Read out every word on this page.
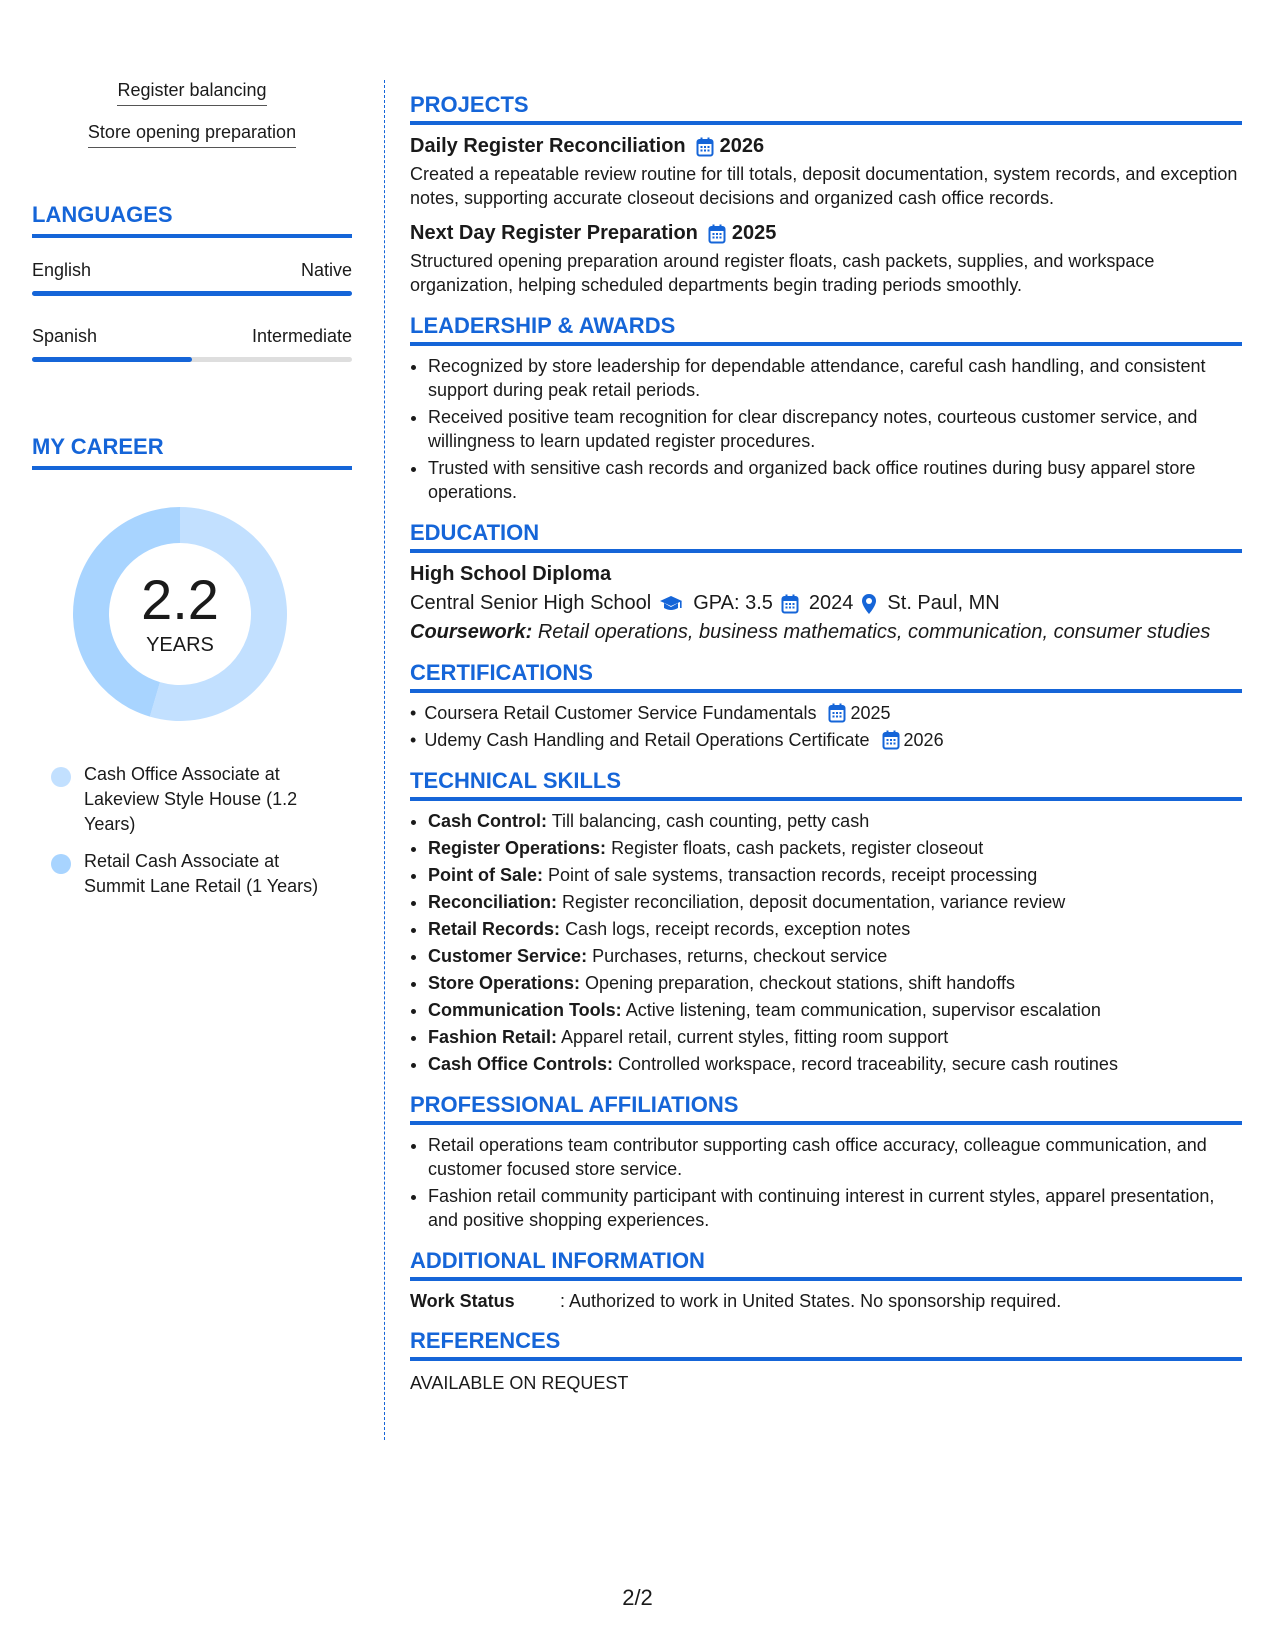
Register balancing
Store opening preparation
LANGUAGES
English	Native
Spanish	Intermediate
MY CAREER
2.2
YEARS
Cash Office Associate at Lakeview Style House (1.2 Years)
Retail Cash Associate at Summit Lane Retail (1 Years)
PROJECTS
Daily Register Reconciliation 2026
Created a repeatable review routine for till totals, deposit documentation, system records, and exception notes, supporting accurate closeout decisions and organized cash office records.
Next Day Register Preparation 2025
Structured opening preparation around register floats, cash packets, supplies, and workspace organization, helping scheduled departments begin trading periods smoothly.
LEADERSHIP & AWARDS
• Recognized by store leadership for dependable attendance, careful cash handling, and consistent support during peak retail periods.
• Received positive team recognition for clear discrepancy notes, courteous customer service, and willingness to learn updated register procedures.
• Trusted with sensitive cash records and organized back office routines during busy apparel store operations.
EDUCATION
High School Diploma
Central Senior High School GPA: 3.5 2024 St. Paul, MN
Coursework: Retail operations, business mathematics, communication, consumer studies
CERTIFICATIONS
• Coursera Retail Customer Service Fundamentals 2025
• Udemy Cash Handling and Retail Operations Certificate 2026
TECHNICAL SKILLS
• Cash Control: Till balancing, cash counting, petty cash
• Register Operations: Register floats, cash packets, register closeout
• Point of Sale: Point of sale systems, transaction records, receipt processing
• Reconciliation: Register reconciliation, deposit documentation, variance review
• Retail Records: Cash logs, receipt records, exception notes
• Customer Service: Purchases, returns, checkout service
• Store Operations: Opening preparation, checkout stations, shift handoffs
• Communication Tools: Active listening, team communication, supervisor escalation
• Fashion Retail: Apparel retail, current styles, fitting room support
• Cash Office Controls: Controlled workspace, record traceability, secure cash routines
PROFESSIONAL AFFILIATIONS
• Retail operations team contributor supporting cash office accuracy, colleague communication, and customer focused store service.
• Fashion retail community participant with continuing interest in current styles, apparel presentation, and positive shopping experiences.
ADDITIONAL INFORMATION
Work Status	: Authorized to work in United States. No sponsorship required.
REFERENCES
AVAILABLE ON REQUEST
2/2
